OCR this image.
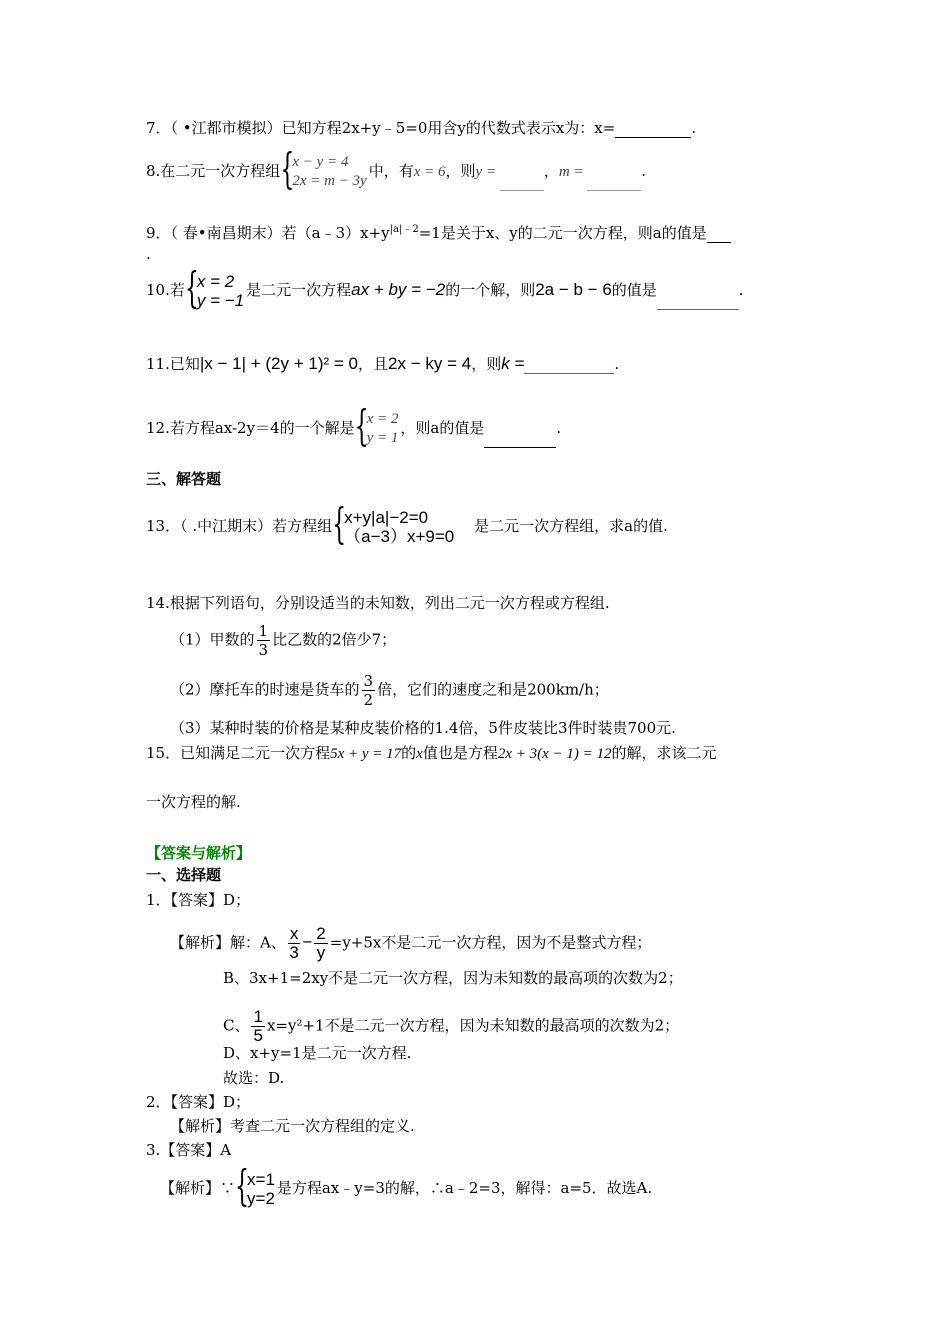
7．（ •江都市模拟）已知方程2x+y﹣5=0用含y的代数式表示x为：x=	.
8.在二元一次方程组 { x − y = 4
2x = m − 3y
中，有x = 6，则y =	，m =	.
9．（ 春•南昌期末）若$(a﹣3)x+y^{|a|﹣2}=1$是关于x、y的二元一次方程，则a的值是
.
10.若 { x = 2
y = −1
是二元一次方程ax + by = −2的一个解，则2a − b − 6的值是	.
11.已知|x − 1| + (2y + 1)² = 0，且2x − ky = 4，则k =	.
12.若方程ax-2y＝4的一个解是 { x = 2
y = 1
，则a的值是	.
三、解答题
13．（ .中江期末）若方程组 { x+y|a|−2=0
（a−3）x+9=0
是二元一次方程组，求a的值.
14.根据下列语句，分别设适当的未知数，列出二元一次方程或方程组.
（1）甲数的 $\frac{1}{3}$ 比乙数的2倍少7；
（2）摩托车的时速是货车的 $\frac{3}{2}$ 倍，它们的速度之和是200km/h；
（3）某种时装的价格是某种皮装价格的1.4倍，5件皮装比3件时装贵700元.
15．已知满足二元一次方程5x + y = 17的x值也是方程2x + 3(x − 1) = 12的解，求该二元
一次方程的解.
【答案与解析】
一、选择题
1．【答案】D；
【解析】解：A、 $\frac{x}{3} - \frac{2}{y} =y+5x$不是二元一次方程，因为不是整式方程；
B、3x+1=2xy不是二元一次方程，因为未知数的最高项的次数为2；
C、 $\frac{1}{5} x=y^2+1$不是二元一次方程，因为未知数的最高项的次数为2；
D、x+y=1是二元一次方程.
故选：D.
2．【答案】D；
【解析】考查二元一次方程组的定义.
3.【答案】A
【解析】∵ { x=1
y=2
是方程ax﹣y=3的解，∴a﹣2=3，解得：a=5．故选A.
